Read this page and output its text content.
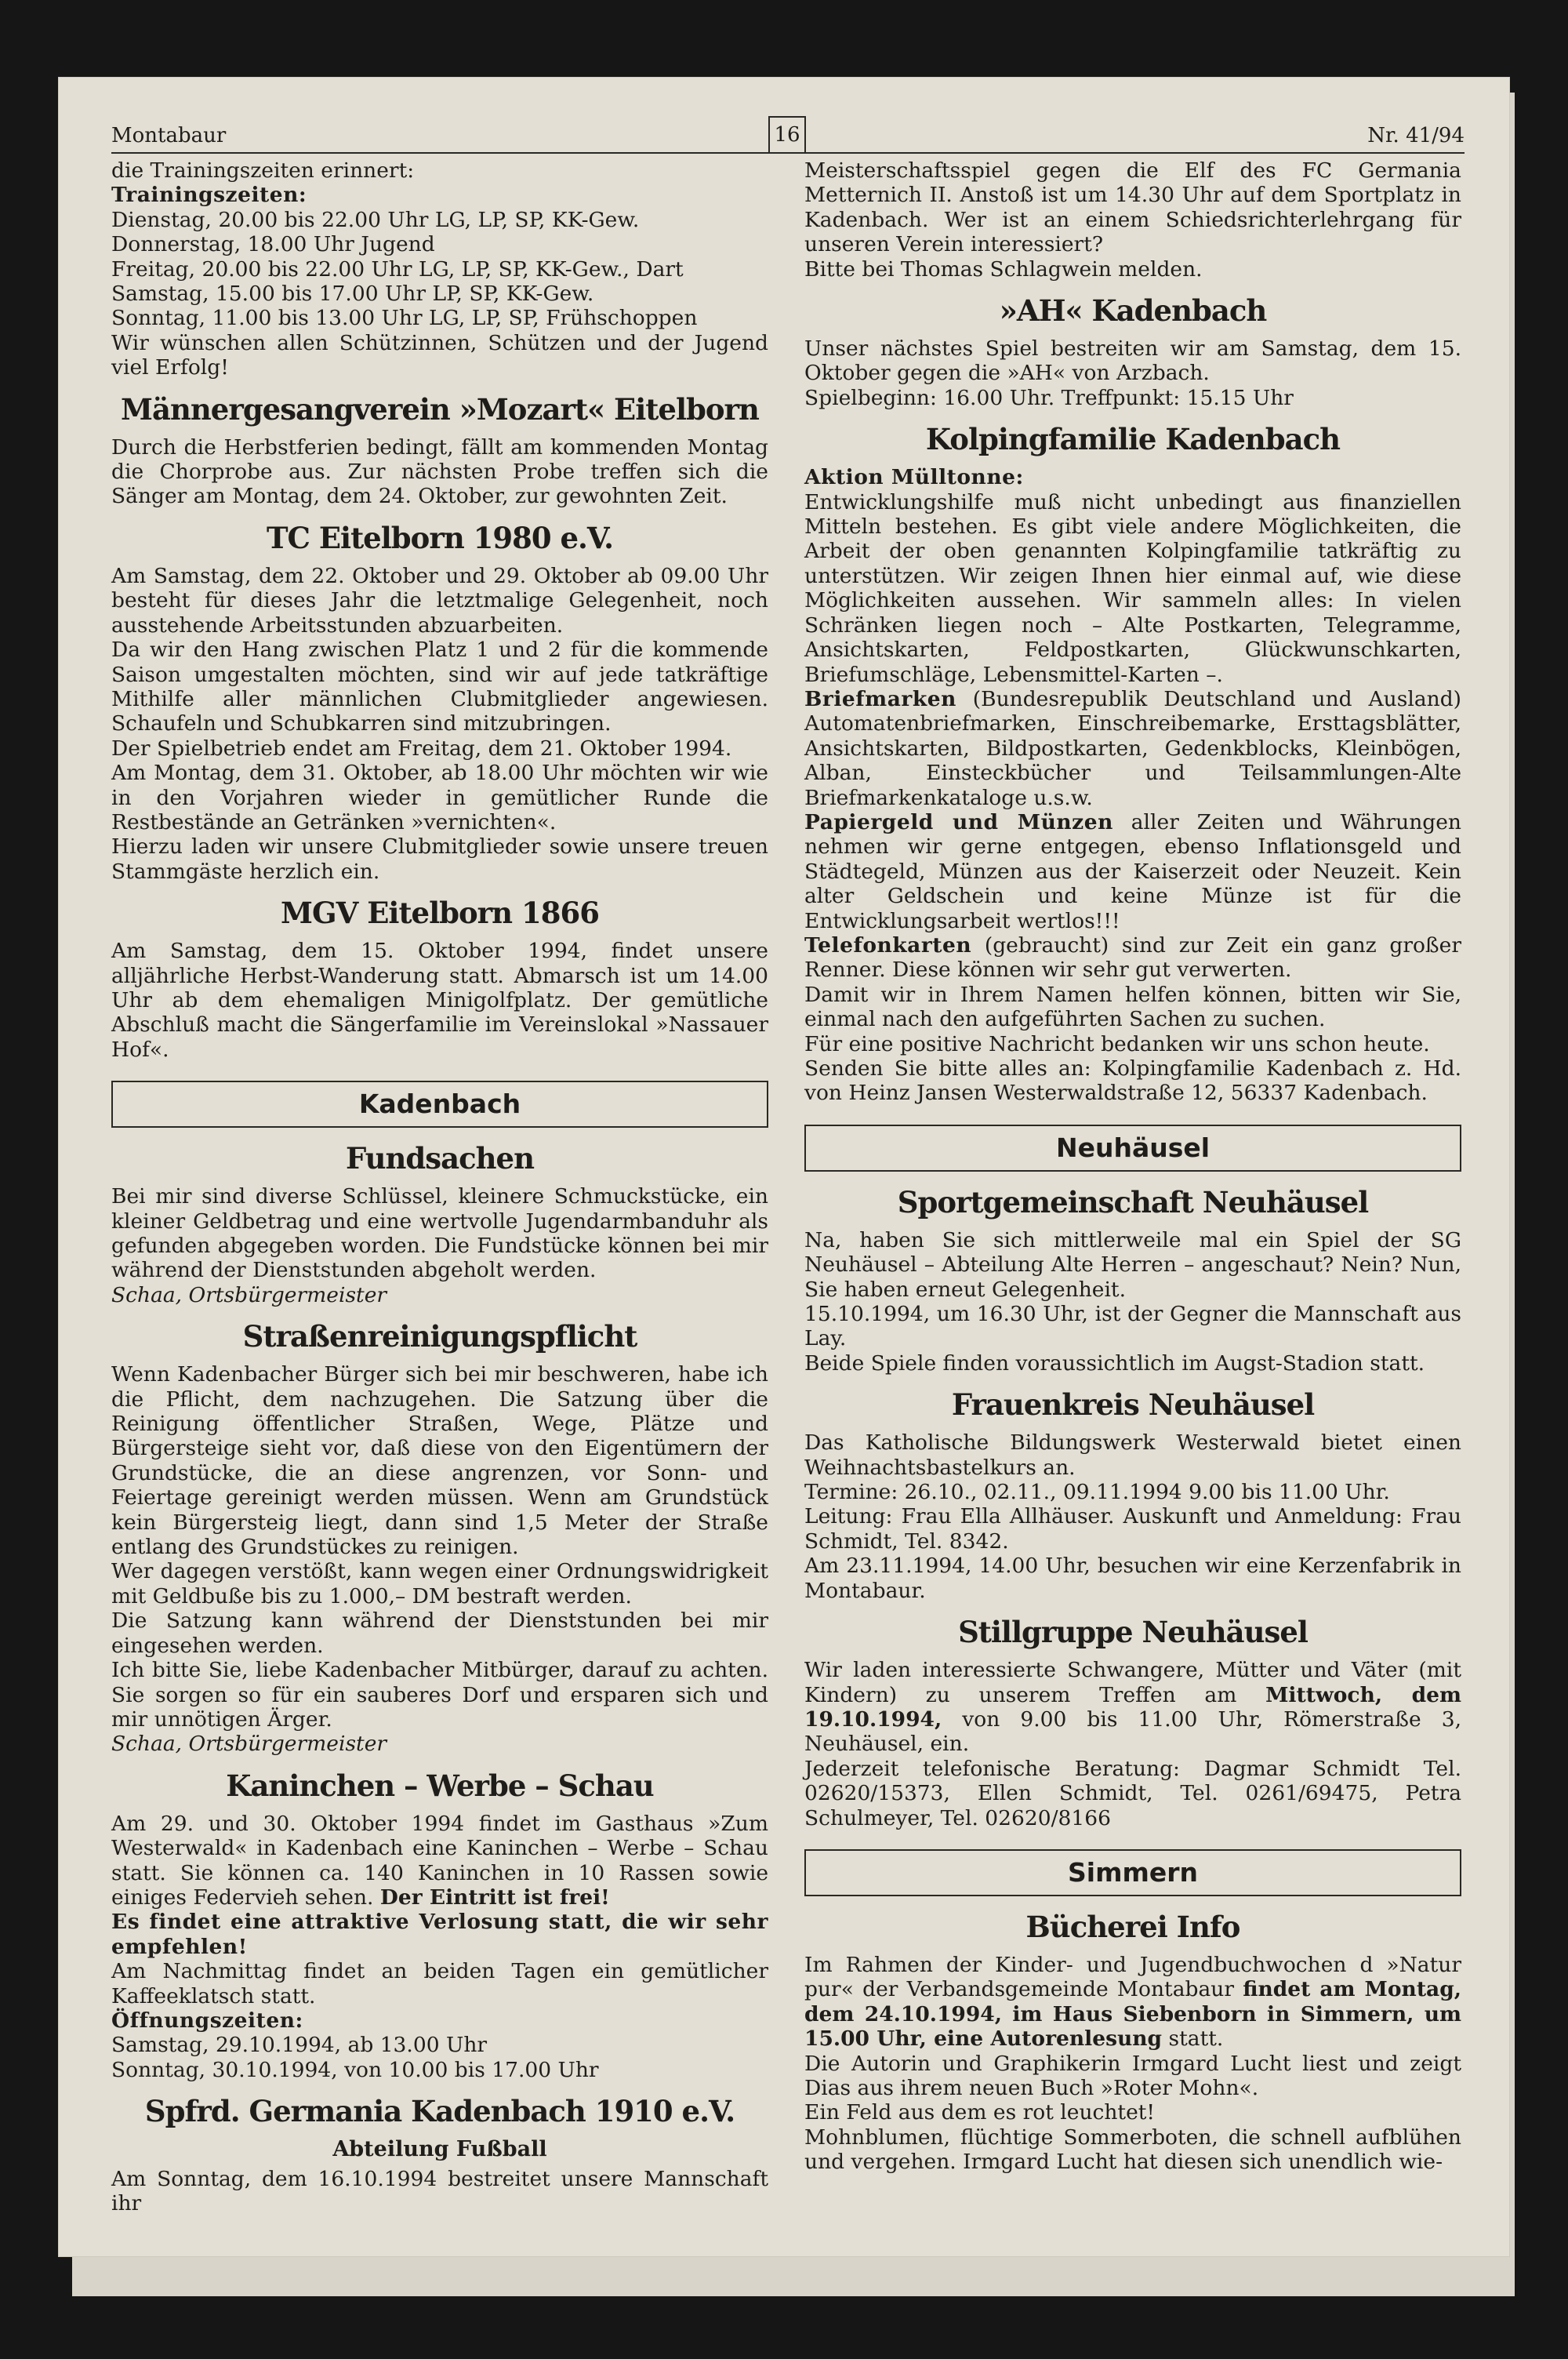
Montabaur	16	Nr. 41/94

die Trainingszeiten erinnert:

Trainingszeiten:
Dienstag, 20.00 bis 22.00 Uhr LG, LP, SP, KK-Gew.
Donnerstag, 18.00 Uhr Jugend
Freitag, 20.00 bis 22.00 Uhr LG, LP, SP, KK-Gew., Dart
Samstag, 15.00 bis 17.00 Uhr LP, SP, KK-Gew.
Sonntag, 11.00 bis 13.00 Uhr LG, LP, SP, Frühschoppen

Wir wünschen allen Schützinnen, Schützen und der Jugend viel Erfolg!

Männergesangverein »Mozart« Eitelborn

Durch die Herbstferien bedingt, fällt am kommenden Montag die Chorprobe aus. Zur nächsten Probe treffen sich die Sänger am Montag, dem 24. Oktober, zur gewohnten Zeit.

TC Eitelborn 1980 e.V.

Am Samstag, dem 22. Oktober und 29. Oktober ab 09.00 Uhr besteht für dieses Jahr die letztmalige Gelegenheit, noch ausstehende Arbeitsstunden abzuarbeiten.

Da wir den Hang zwischen Platz 1 und 2 für die kommende Saison umgestalten möchten, sind wir auf jede tatkräftige Mithilfe aller männlichen Clubmitglieder angewiesen. Schaufeln und Schubkarren sind mitzubringen.

Der Spielbetrieb endet am Freitag, dem 21. Oktober 1994.

Am Montag, dem 31. Oktober, ab 18.00 Uhr möchten wir wie in den Vorjahren wieder in gemütlicher Runde die Restbestände an Getränken »vernichten«.

Hierzu laden wir unsere Clubmitglieder sowie unsere treuen Stammgäste herzlich ein.

MGV Eitelborn 1866

Am Samstag, dem 15. Oktober 1994, findet unsere alljährliche Herbst-Wanderung statt. Abmarsch ist um 14.00 Uhr ab dem ehemaligen Minigolfplatz. Der gemütliche Abschluß macht die Sängerfamilie im Vereinslokal »Nassauer Hof«.

Kadenbach
Fundsachen

Bei mir sind diverse Schlüssel, kleinere Schmuckstücke, ein kleiner Geldbetrag und eine wertvolle Jugendarmbanduhr als gefunden abgegeben worden. Die Fundstücke können bei mir während der Dienststunden abgeholt werden.

Schaa, Ortsbürgermeister

Straßenreinigungspflicht

Wenn Kadenbacher Bürger sich bei mir beschweren, habe ich die Pflicht, dem nachzugehen. Die Satzung über die Reinigung öffentlicher Straßen, Wege, Plätze und Bürgersteige sieht vor, daß diese von den Eigentümern der Grundstücke, die an diese angrenzen, vor Sonn- und Feiertage gereinigt werden müssen. Wenn am Grundstück kein Bürgersteig liegt, dann sind 1,5 Meter der Straße entlang des Grundstückes zu reinigen.

Wer dagegen verstößt, kann wegen einer Ordnungswidrigkeit mit Geldbuße bis zu 1.000,– DM bestraft werden.

Die Satzung kann während der Dienststunden bei mir eingesehen werden.

Ich bitte Sie, liebe Kadenbacher Mitbürger, darauf zu achten. Sie sorgen so für ein sauberes Dorf und ersparen sich und mir unnötigen Ärger.

Schaa, Ortsbürgermeister

Kaninchen – Werbe – Schau

Am 29. und 30. Oktober 1994 findet im Gasthaus »Zum Westerwald« in Kadenbach eine Kaninchen – Werbe – Schau statt. Sie können ca. 140 Kaninchen in 10 Rassen sowie einiges Federvieh sehen. Der Eintritt ist frei!

Es findet eine attraktive Verlosung statt, die wir sehr empfehlen!

Am Nachmittag findet an beiden Tagen ein gemütlicher Kaffeeklatsch statt.

Öffnungszeiten:
Samstag, 29.10.1994, ab 13.00 Uhr
Sonntag, 30.10.1994, von 10.00 bis 17.00 Uhr
Spfrd. Germania Kadenbach 1910 e.V.
Abteilung Fußball

Am Sonntag, dem 16.10.1994 bestreitet unsere Mannschaft ihr

Meisterschaftsspiel gegen die Elf des FC Germania Metternich II. Anstoß ist um 14.30 Uhr auf dem Sportplatz in Kadenbach. Wer ist an einem Schiedsrichterlehrgang für unseren Verein interessiert?

Bitte bei Thomas Schlagwein melden.

»AH« Kadenbach

Unser nächstes Spiel bestreiten wir am Samstag, dem 15. Oktober gegen die »AH« von Arzbach.

Spielbeginn: 16.00 Uhr. Treffpunkt: 15.15 Uhr

Kolpingfamilie Kadenbach
Aktion Mülltonne:

Entwicklungshilfe muß nicht unbedingt aus finanziellen Mitteln bestehen. Es gibt viele andere Möglichkeiten, die Arbeit der oben genannten Kolpingfamilie tatkräftig zu unterstützen. Wir zeigen Ihnen hier einmal auf, wie diese Möglichkeiten aussehen. Wir sammeln alles: In vielen Schränken liegen noch – Alte Postkarten, Telegramme, Ansichtskarten, Feldpostkarten, Glückwunschkarten, Briefumschläge, Lebensmittel-Karten –.

Briefmarken (Bundesrepublik Deutschland und Ausland) Automatenbriefmarken, Einschreibemarke, Ersttagsblätter, Ansichtskarten, Bildpostkarten, Gedenkblocks, Kleinbögen, Alban, Einsteckbücher und Teilsammlungen-Alte Briefmarkenkataloge u.s.w.

Papiergeld und Münzen aller Zeiten und Währungen nehmen wir gerne entgegen, ebenso Inflationsgeld und Städtegeld, Münzen aus der Kaiserzeit oder Neuzeit. Kein alter Geldschein und keine Münze ist für die Entwicklungsarbeit wertlos!!!

Telefonkarten (gebraucht) sind zur Zeit ein ganz großer Renner. Diese können wir sehr gut verwerten.

Damit wir in Ihrem Namen helfen können, bitten wir Sie, einmal nach den aufgeführten Sachen zu suchen.

Für eine positive Nachricht bedanken wir uns schon heute.

Senden Sie bitte alles an: Kolpingfamilie Kadenbach z. Hd. von Heinz Jansen Westerwaldstraße 12, 56337 Kadenbach.

Neuhäusel
Sportgemeinschaft Neuhäusel

Na, haben Sie sich mittlerweile mal ein Spiel der SG Neuhäusel – Abteilung Alte Herren – angeschaut? Nein? Nun, Sie haben erneut Gelegenheit.

15.10.1994, um 16.30 Uhr, ist der Gegner die Mannschaft aus Lay.

Beide Spiele finden voraussichtlich im Augst-Stadion statt.

Frauenkreis Neuhäusel

Das Katholische Bildungswerk Westerwald bietet einen Weihnachtsbastelkurs an.

Termine: 26.10., 02.11., 09.11.1994 9.00 bis 11.00 Uhr.

Leitung: Frau Ella Allhäuser. Auskunft und Anmeldung: Frau Schmidt, Tel. 8342.

Am 23.11.1994, 14.00 Uhr, besuchen wir eine Kerzenfabrik in Montabaur.

Stillgruppe Neuhäusel

Wir laden interessierte Schwangere, Mütter und Väter (mit Kindern) zu unserem Treffen am Mittwoch, dem 19.10.1994, von 9.00 bis 11.00 Uhr, Römerstraße 3, Neuhäusel, ein.

Jederzeit telefonische Beratung: Dagmar Schmidt Tel. 02620/15373, Ellen Schmidt, Tel. 0261/69475, Petra Schulmeyer, Tel. 02620/8166

Simmern
Bücherei Info

Im Rahmen der Kinder- und Jugendbuchwochen d »Natur pur« der Verbandsgemeinde Montabaur findet am Montag, dem 24.10.1994, im Haus Siebenborn in Simmern, um 15.00 Uhr, eine Autorenlesung statt.

Die Autorin und Graphikerin Irmgard Lucht liest und zeigt Dias aus ihrem neuen Buch »Roter Mohn«.

Ein Feld aus dem es rot leuchtet!

Mohnblumen, flüchtige Sommerboten, die schnell aufblühen und vergehen. Irmgard Lucht hat diesen sich unendlich wie-
